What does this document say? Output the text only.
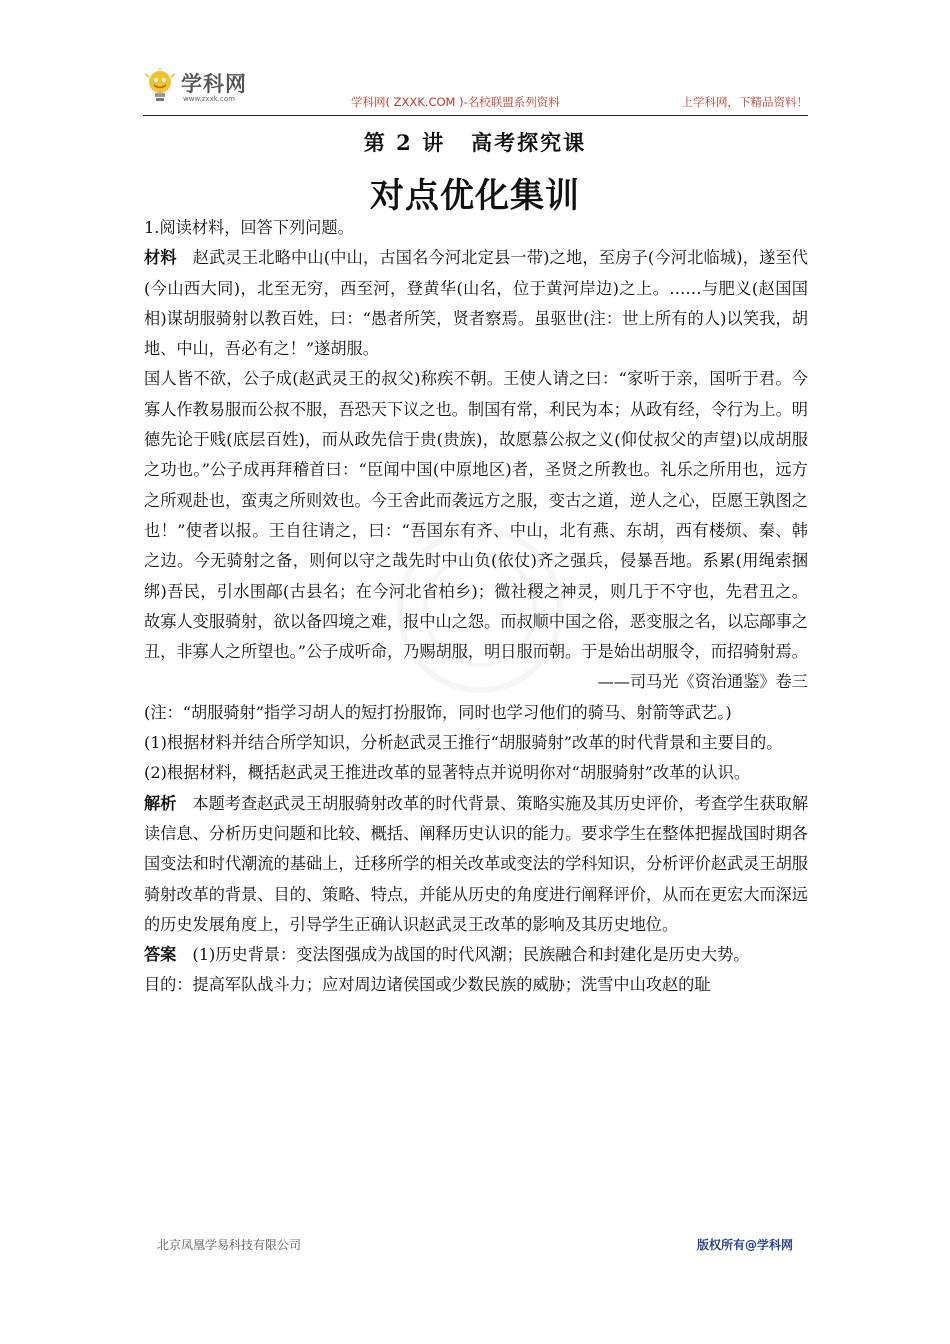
学科网
www.zxxk.com	学科网( ZXXK.COM )-名校联盟系列资料	上学科网，下精品资料！
第 2 讲 高考探究课
对点优化集训

1.阅读材料，回答下列问题。

材料 赵武灵王北略中山(中山，古国名今河北定县一带)之地，至房子(今河北临城)，遂至代(今山西大同)，北至无穷，西至河，登黄华(山名，位于黄河岸边)之上。……与肥义(赵国国相)谋胡服骑射以教百姓，曰：“愚者所笑，贤者察焉。虽驱世(注：世上所有的人)以笑我，胡地、中山，吾必有之！”遂胡服。

国人皆不欲，公子成(赵武灵王的叔父)称疾不朝。王使人请之曰：“家听于亲，国听于君。今寡人作教易服而公叔不服，吾恐天下议之也。制国有常，利民为本；从政有经，令行为上。明德先论于贱(底层百姓)，而从政先信于贵(贵族)，故愿慕公叔之义(仰仗叔父的声望)以成胡服之功也。”公子成再拜稽首曰：“臣闻中国(中原地区)者，圣贤之所教也。礼乐之所用也，远方之所观赴也，蛮夷之所则效也。今王舍此而袭远方之服，变古之道，逆人之心，臣愿王孰图之也！”使者以报。王自往请之，曰：“吾国东有齐、中山，北有燕、东胡，西有楼烦、秦、韩之边。今无骑射之备，则何以守之哉先时中山负(依仗)齐之强兵，侵暴吾地。系累(用绳索捆绑)吾民，引水围鄗(古县名；在今河北省柏乡)；微社稷之神灵，则几于不守也，先君丑之。故寡人变服骑射，欲以备四境之难，报中山之怨。而叔顺中国之俗，恶变服之名，以忘鄗事之丑，非寡人之所望也。”公子成听命，乃赐胡服，明日服而朝。于是始出胡服令，而招骑射焉。

——司马光《资治通鉴》卷三

(注：“胡服骑射”指学习胡人的短打扮服饰，同时也学习他们的骑马、射箭等武艺。)

(1)根据材料并结合所学知识，分析赵武灵王推行“胡服骑射”改革的时代背景和主要目的。

(2)根据材料，概括赵武灵王推进改革的显著特点并说明你对“胡服骑射”改革的认识。

解析 本题考查赵武灵王胡服骑射改革的时代背景、策略实施及其历史评价，考查学生获取解读信息、分析历史问题和比较、概括、阐释历史认识的能力。要求学生在整体把握战国时期各国变法和时代潮流的基础上，迁移所学的相关改革或变法的学科知识，分析评价赵武灵王胡服骑射改革的背景、目的、策略、特点，并能从历史的角度进行阐释评价，从而在更宏大而深远的历史发展角度上，引导学生正确认识赵武灵王改革的影响及其历史地位。

答案 (1)历史背景：变法图强成为战国的时代风潮；民族融合和封建化是历史大势。

目的：提高军队战斗力；应对周边诸侯国或少数民族的威胁；洗雪中山攻赵的耻

北京凤凰学易科技有限公司	版权所有@学科网
